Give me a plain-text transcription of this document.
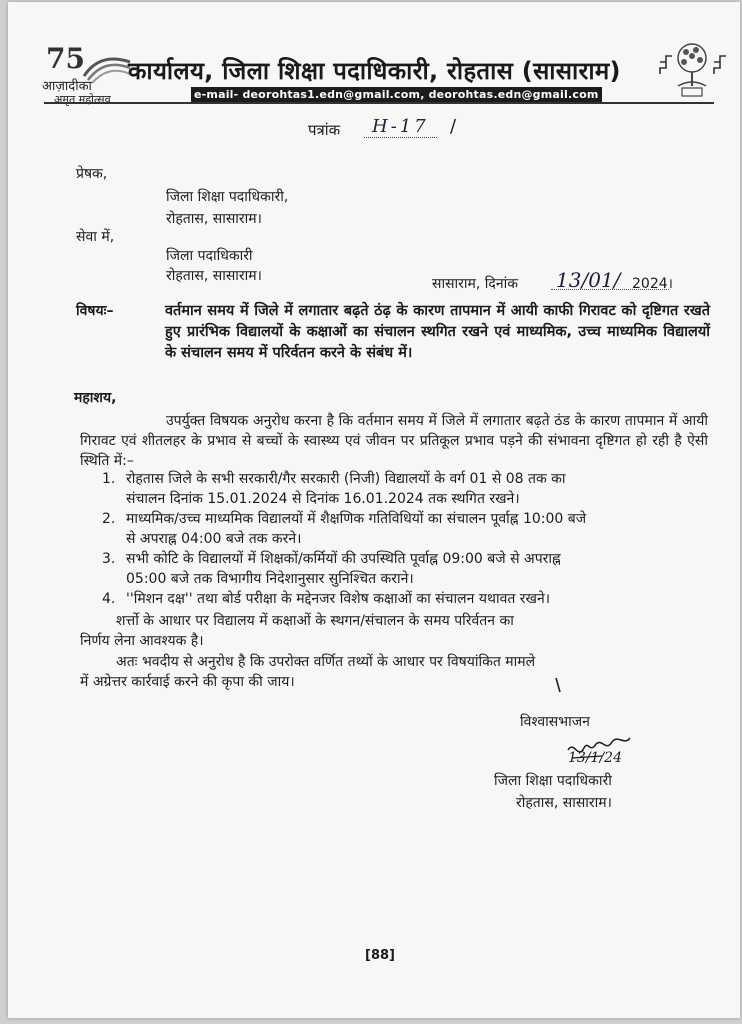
75
आज़ादीका
अमृत महोत्सव
कार्यालय, जिला शिक्षा पदाधिकारी, रोहतास (सासाराम)
e-mail- deorohtas1.edn@gmail.com, deorohtas.edn@gmail.com
पत्रांक	H-17	/
प्रेषक,
जिला शिक्षा पदाधिकारी,
रोहतास, सासाराम।
सेवा में,
जिला पदाधिकारी
रोहतास, सासाराम।	सासाराम, दिनांक 13/01/ 2024।
विषयः–	वर्तमान समय में जिले में लगातार बढ़ते ठंढ़ के कारण तापमान में आयी काफी गिरावट को दृष्टिगत रखते हुए प्रारंभिक विद्यालयों के कक्षाओं का संचालन स्थगित रखने एवं माध्यमिक, उच्च माध्यमिक विद्यालयों के संचालन समय में परिर्वतन करने के संबंध में।
महाशय,
उपर्युक्त विषयक अनुरोध करना है कि वर्तमान समय में जिले में लगातार बढ़ते ठंड के कारण तापमान में आयी गिरावट एवं शीतलहर के प्रभाव से बच्चों के स्वास्थ्य एवं जीवन पर प्रतिकूल प्रभाव पड़ने की संभावना दृष्टिगत हो रही है ऐसी स्थिति में:–
1. रोहतास जिले के सभी सरकारी/गैर सरकारी (निजी) विद्यालयों के वर्ग 01 से 08 तक का
संचालन दिनांक 15.01.2024 से दिनांक 16.01.2024 तक स्थगित रखने।
2. माध्यमिक/उच्च माध्यमिक विद्यालयों में शैक्षणिक गतिविधियों का संचालन पूर्वाह्न 10:00 बजे
से अपराह्न 04:00 बजे तक करने।
3. सभी कोटि के विद्यालयों में शिक्षकों/कर्मियों की उपस्थिति पूर्वाह्न 09:00 बजे से अपराह्न
05:00 बजे तक विभागीय निदेशानुसार सुनिश्चित कराने।
4. ''मिशन दक्ष'' तथा बोर्ड परीक्षा के मद्देनजर विशेष कक्षाओं का संचालन यथावत रखने।
शर्त्तो के आधार पर विद्यालय में कक्षाओं के स्थगन/संचालन के समय परिर्वतन का
निर्णय लेना आवश्यक है।
अतः भवदीय से अनुरोध है कि उपरोक्त वर्णित तथ्यों के आधार पर विषयांकित मामले
में अग्रेत्तर कार्रवाई करने की कृपा की जाय।
विश्वासभाजन
13/1/24
जिला शिक्षा पदाधिकारी
रोहतास, सासाराम।
[88]
